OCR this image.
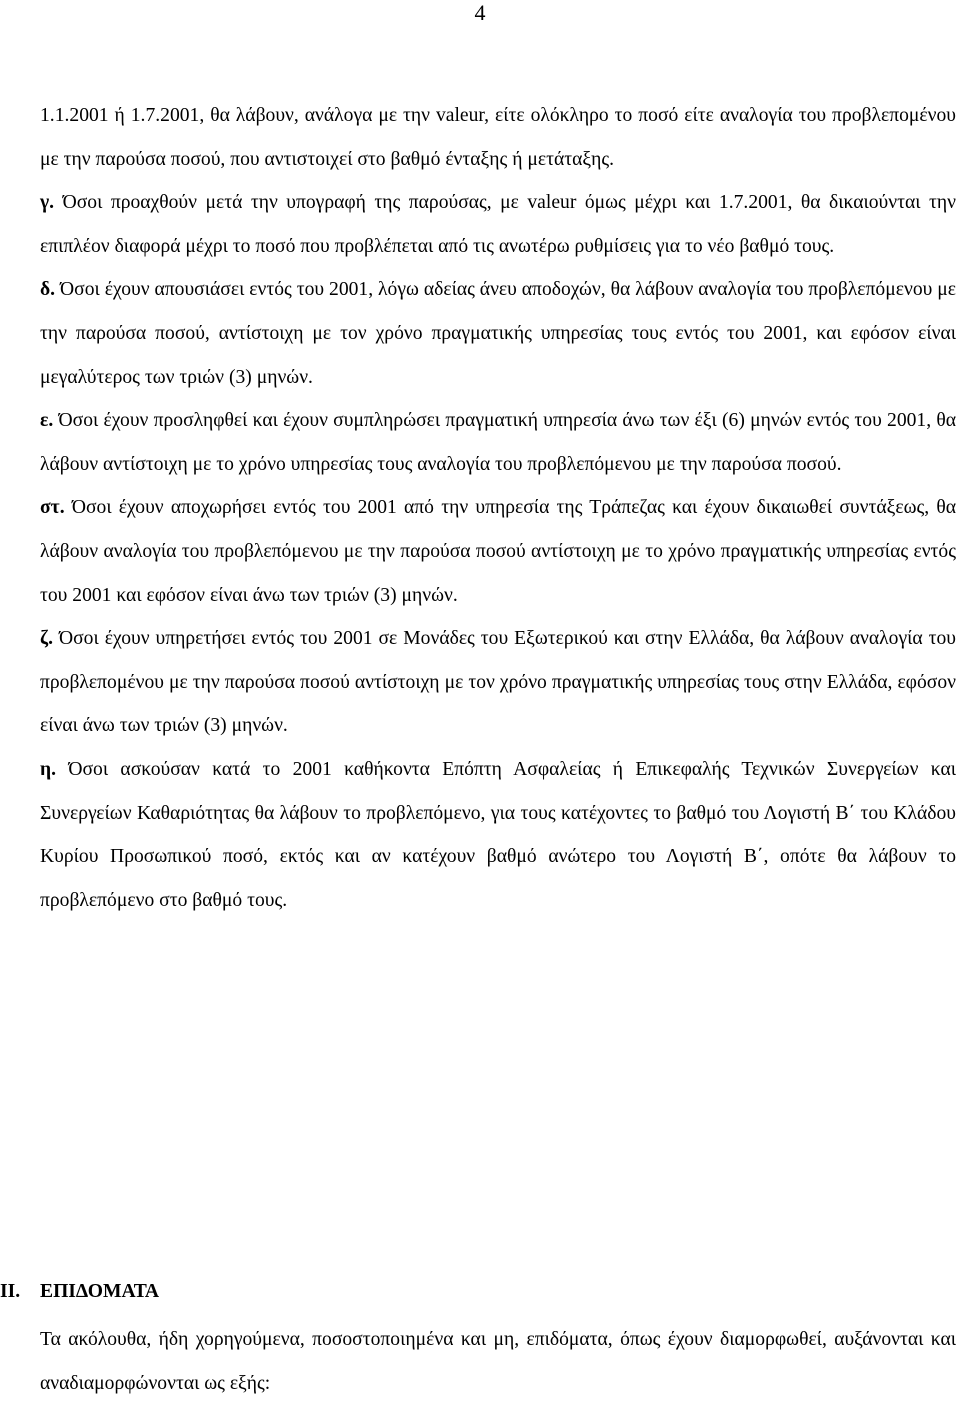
4

1.1.2001 ή 1.7.2001, θα λάβουν, ανάλογα με την valeur, είτε ολόκληρο το ποσό είτε αναλογία του προβλεπομένου με την παρούσα ποσού, που αντιστοιχεί στο βαθμό ένταξης ή μετάταξης.

γ. Όσοι προαχθούν μετά την υπογραφή της παρούσας, με valeur όμως μέχρι και 1.7.2001, θα δικαιούνται την επιπλέον διαφορά μέχρι το ποσό που προβλέπεται από τις ανωτέρω ρυθμίσεις για το νέο βαθμό τους.

δ. Όσοι έχουν απουσιάσει εντός του 2001, λόγω αδείας άνευ αποδοχών, θα λάβουν αναλογία του προβλεπόμενου με την παρούσα ποσού, αντίστοιχη με τον χρόνο πραγματικής υπηρεσίας τους εντός του 2001, και εφόσον είναι μεγαλύτερος των τριών (3) μηνών.

ε. Όσοι έχουν προσληφθεί και έχουν συμπληρώσει πραγματική υπηρεσία άνω των έξι (6) μηνών εντός του 2001, θα λάβουν αντίστοιχη με το χρόνο υπηρεσίας τους αναλογία του προβλεπόμενου με την παρούσα ποσού.

στ. Όσοι έχουν αποχωρήσει εντός του 2001 από την υπηρεσία της Τράπεζας και έχουν δικαιωθεί συντάξεως, θα λάβουν αναλογία του προβλεπόμενου με την παρούσα ποσού αντίστοιχη με το χρόνο πραγματικής υπηρεσίας εντός του 2001 και εφόσον είναι άνω των τριών (3) μηνών.

ζ. Όσοι έχουν υπηρετήσει εντός του 2001 σε Μονάδες του Εξωτερικού και στην Ελλάδα, θα λάβουν αναλογία του προβλεπομένου με την παρούσα ποσού αντίστοιχη με τον χρόνο πραγματικής υπηρεσίας τους στην Ελλάδα, εφόσον είναι άνω των τριών (3) μηνών.

η. Όσοι ασκούσαν κατά το 2001 καθήκοντα Επόπτη Ασφαλείας ή Επικεφαλής Τεχνικών Συνεργείων και Συνεργείων Καθαριότητας θα λάβουν το προβλεπόμενο, για τους κατέχοντες το βαθμό του Λογιστή Β΄ του Κλάδου Κυρίου Προσωπικού ποσό, εκτός και αν κατέχουν βαθμό ανώτερο του Λογιστή Β΄, οπότε θα λάβουν το προβλεπόμενο στο βαθμό τους.

ΙΙ. ΕΠΙΔΟΜΑΤΑ

Τα ακόλουθα, ήδη χορηγούμενα, ποσοστοποιημένα και μη, επιδόματα, όπως έχουν διαμορφωθεί, αυξάνονται και αναδιαμορφώνονται ως εξής:
